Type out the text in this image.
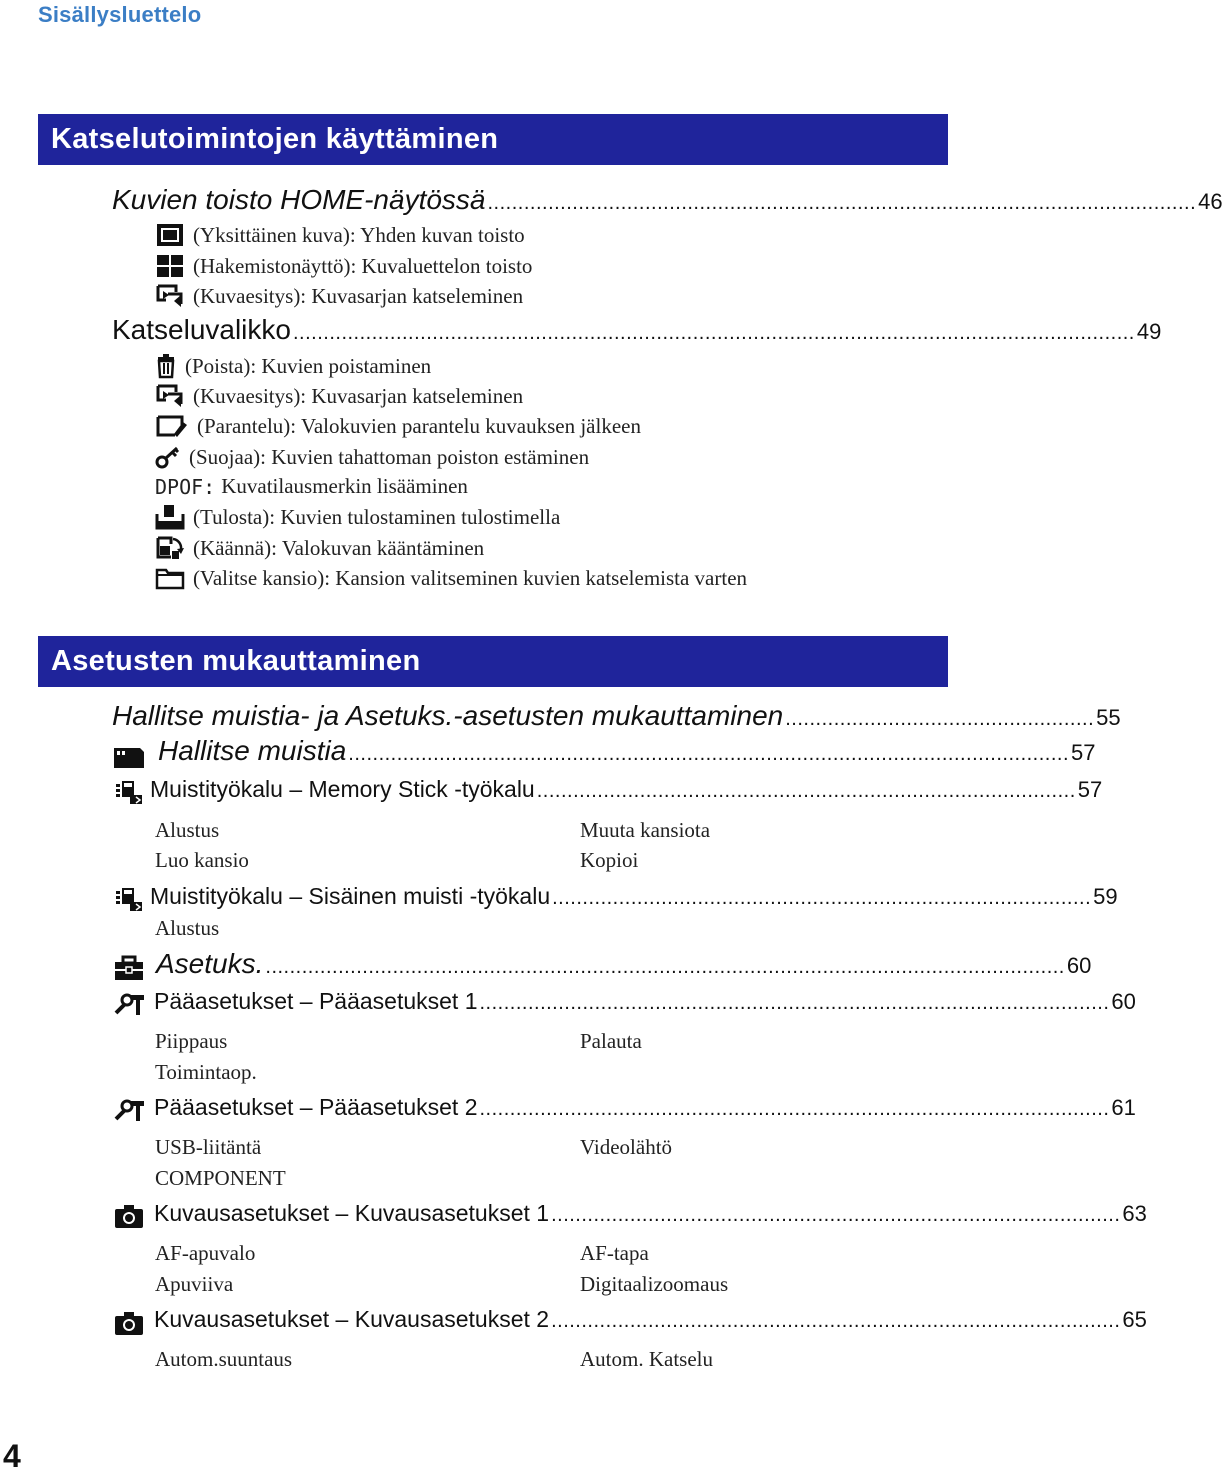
Sisällysluettelo
Katselutoimintojen käyttäminen
Kuvien toisto HOME-näytössä ..................................................................................................................... 46
(Yksittäinen kuva): Yhden kuvan toisto
(Hakemistonäyttö): Kuvaluettelon toisto
(Kuvaesitys): Kuvasarjan katseleminen
Katseluvalikko ........................................................................................................................................... 49
(Poista): Kuvien poistaminen
(Kuvaesitys): Kuvasarjan katseleminen
(Parantelu): Valokuvien parantelu kuvauksen jälkeen
(Suojaa): Kuvien tahattoman poiston estäminen
DPOF: Kuvatilausmerkin lisääminen
(Tulosta): Kuvien tulostaminen tulostimella
(Käännä): Valokuvan kääntäminen
(Valitse kansio): Kansion valitseminen kuvien katselemista varten
Asetusten mukauttaminen
Hallitse muistia- ja Asetuks.-asetusten mukauttaminen ................................................... 55
Hallitse muistia ....................................................................................................................... 57
Muistityökalu – Memory Stick -työkalu ......................................................................................... 57
Alustus	Muuta kansiota
Luo kansio	Kopioi
Muistityökalu – Sisäinen muisti -työkalu ......................................................................................... 59
Alustus
Asetuks. .................................................................................................................................... 60
Pääasetukset – Pääasetukset 1 ........................................................................................................ 60
Piippaus	Palauta
Toimintaop.
Pääasetukset – Pääasetukset 2 ........................................................................................................ 61
USB-liitäntä	Videolähtö
COMPONENT
Kuvausasetukset – Kuvausasetukset 1 .............................................................................................. 63
AF-apuvalo	AF-tapa
Apuviiva	Digitaalizoomaus
Kuvausasetukset – Kuvausasetukset 2 .............................................................................................. 65
Autom.suuntaus	Autom. Katselu
4
